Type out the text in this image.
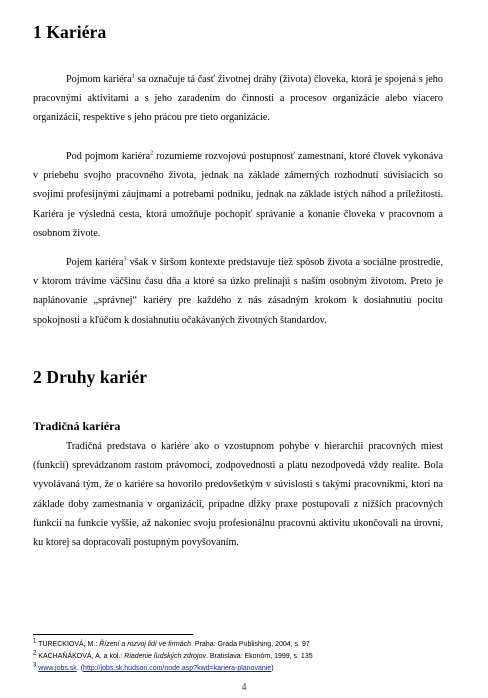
1 Kariéra

Pojmom kariéra$^1$ sa označuje tá časť životnej dráhy (života) človeka, ktorá je spojená s jeho pracovnými aktivitami a s jeho zaradením do činnosti a procesov organizácie alebo viacero organizácií, respektíve s jeho prácou pre tieto organizácie.

Pod pojmom kariéra$^2$ rozumieme rozvojovú postupnosť zamestnaní, ktoré človek vykonáva v priebehu svojho pracovného života, jednak na základe zámerných rozhodnutí súvisiacich so svojimi profesijnými záujmami a potrebami podniku, jednak na základe istých náhod a príležitostí. Kariéra je výsledná cesta, ktorá umožňuje pochopiť správanie a konanie človeka v pracovnom a osobnom živote.

Pojem kariéra$^3$ však v širšom kontexte predstavuje tiež spôsob života a sociálne prostredie, v ktorom trávime väčšinu času dňa a ktoré sa úzko prelínajú s naším osobným životom. Preto je naplánovanie „správnej“ kariéry pre každého z nás zásadným krokom k dosiahnutiu pocitu spokojnosti a kľúčom k dosiahnutiu očakávaných životných štandardov.

2 Druhy kariér
Tradičná kariéra

Tradičná predstava o kariére ako o vzostupnom pohybe v hierarchii pracovných miest (funkcií) sprevádzanom rastom právomoci, zodpovednosti a platu nezodpovedá vždy realite. Bola vyvolávaná tým, že o kariére sa hovorilo predovšetkým v súvislosti s takými pracovníkmi, ktorí na základe doby zamestnania v organizácii, prípadne dĺžky praxe postupovali z nižších pracovných funkcií na funkcie vyššie, až nakoniec svoju profesionálnu pracovnú aktivitu ukončovali na úrovni, ku ktorej sa dopracovali postupným povyšovaním.

$^1$ TURECKIOVÁ, M.: Řízení a rozvoj lidí ve firmách. Praha: Grada Publishing, 2004, s. 97

$^2$ KACHAŇÁKOVÁ, A. a kol.: Riadenie ľudských zdrojov. Bratislava: Ekonóm, 1999, s. 135

$^3$ www.jobs.sk. (http://jobs.sk.hudson.com/node.asp?kwd=kariera-planovanie)

4
